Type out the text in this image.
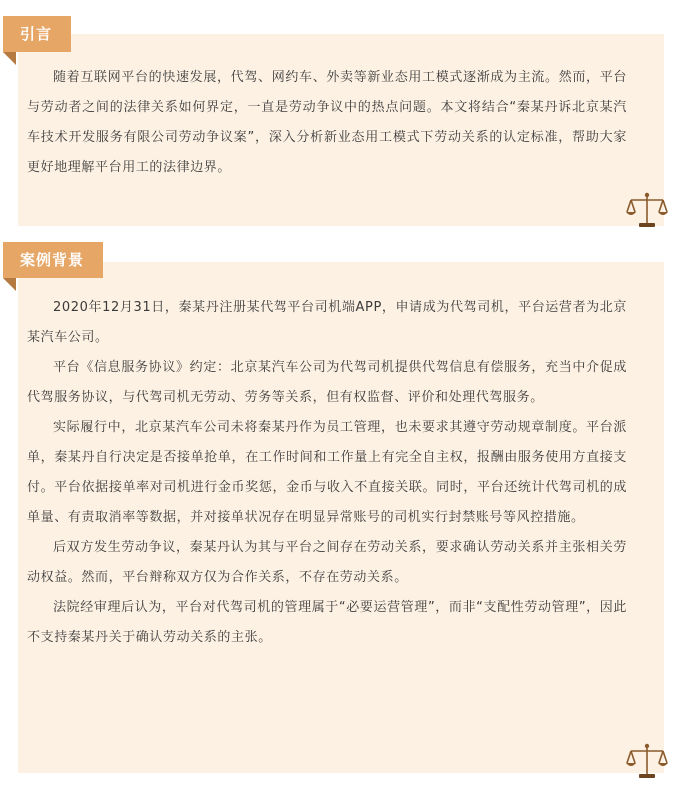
引言

随着互联网平台的快速发展，代驾、网约车、外卖等新业态用工模式逐渐成为主流。然而，平台与劳动者之间的法律关系如何界定，一直是劳动争议中的热点问题。本文将结合“秦某丹诉北京某汽车技术开发服务有限公司劳动争议案”，深入分析新业态用工模式下劳动关系的认定标准，帮助大家更好地理解平台用工的法律边界。

案例背景

2020年12月31日，秦某丹注册某代驾平台司机端APP，申请成为代驾司机，平台运营者为北京某汽车公司。

平台《信息服务协议》约定：北京某汽车公司为代驾司机提供代驾信息有偿服务，充当中介促成代驾服务协议，与代驾司机无劳动、劳务等关系，但有权监督、评价和处理代驾服务。

实际履行中，北京某汽车公司未将秦某丹作为员工管理，也未要求其遵守劳动规章制度。平台派单，秦某丹自行决定是否接单抢单，在工作时间和工作量上有完全自主权，报酬由服务使用方直接支付。平台依据接单率对司机进行金币奖惩，金币与收入不直接关联。同时，平台还统计代驾司机的成单量、有责取消率等数据，并对接单状况存在明显异常账号的司机实行封禁账号等风控措施。

后双方发生劳动争议，秦某丹认为其与平台之间存在劳动关系，要求确认劳动关系并主张相关劳动权益。然而，平台辩称双方仅为合作关系，不存在劳动关系。

法院经审理后认为，平台对代驾司机的管理属于“必要运营管理”，而非“支配性劳动管理”，因此不支持秦某丹关于确认劳动关系的主张。
